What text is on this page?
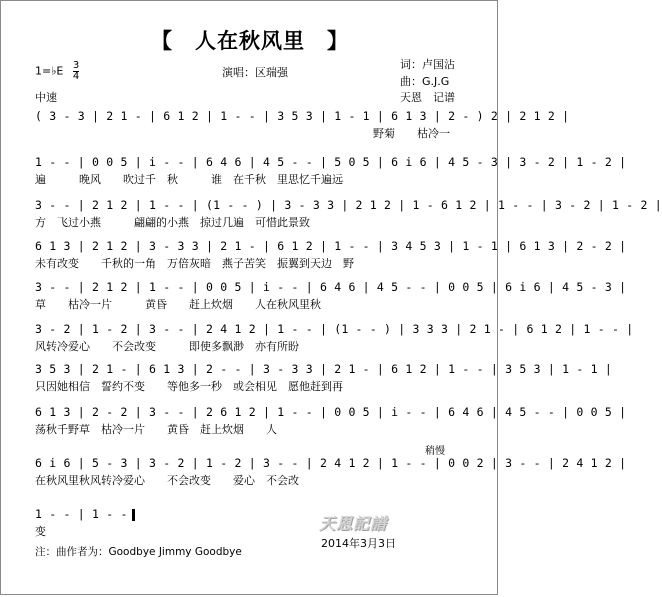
【　人在秋风里　】
1=♭E $\frac{3}{4}$	演唱：区瑞强
词：卢国沾
曲：G.J.G
中速	天恩　记谱
( 3 - 3 | 2 1 - | 6 1 2 | 1 - - | 3 5 3 | 1 - 1 | 6 1 3 | 2 - ) 2 | 2 1 2 |
野菊　　枯冷一
1 - - | 0 0 5 | i - - | 6 4 6 | 4 5 - - | 5 0 5 | 6 i 6 | 4 5 - 3 | 3 - 2 | 1 - 2 |
遍　　　晚风　　吹过千　秋　　　谁　在千秋　里思忆千遍远
3 - - | 2 1 2 | 1 - - | (1 - - ) | 3 - 3 3 | 2 1 2 | 1 - 6 1 2 | 1 - - | 3 - 2 | 1 - 2 |
方　飞过小燕　　　翩翩的小燕　掠过几遍　可惜此景致
6 1 3 | 2 1 2 | 3 - 3 3 | 2 1 - | 6 1 2 | 1 - - | 3 4 5 3 | 1 - 1 | 6 1 3 | 2 - 2 |
未有改变　　千秋的一角　万倍灰暗　燕子苦笑　振翼到天边　野
3 - - | 2 1 2 | 1 - - | 0 0 5 | i - - | 6 4 6 | 4 5 - - | 0 0 5 | 6 i 6 | 4 5 - 3 |
草　　枯冷一片　　　黄昏　　赶上炊烟　　人在秋风里秋
3 - 2 | 1 - 2 | 3 - - | 2 4 1 2 | 1 - - | (1 - - ) | 3 3 3 | 2 1 - | 6 1 2 | 1 - - |
风转冷爱心　　不会改变　　　即使多飘渺　亦有所盼
3 5 3 | 2 1 - | 6 1 3 | 2 - - | 3 - 3 3 | 2 1 - | 6 1 2 | 1 - - | 3 5 3 | 1 - 1 |
只因她相信　誓约不变　　等他多一秒　或会相见　愿他赶到再
6 1 3 | 2 - 2 | 3 - - | 2 6 1 2 | 1 - - | 0 0 5 | i - - | 6 4 6 | 4 5 - - | 0 0 5 |
荡秋千野草　枯冷一片　　黄昏　赶上炊烟　　人
稍慢
6 i 6 | 5 - 3 | 3 - 2 | 1 - 2 | 3 - - | 2 4 1 2 | 1 - - | 0 0 2 | 3 - - | 2 4 1 2 |
在秋风里秋风转冷爱心　　不会改变　　爱心　不会改
1 - - | 1 - -
变	天恩記譜
2014年3月3日
注：曲作者为：Goodbye Jimmy Goodbye
